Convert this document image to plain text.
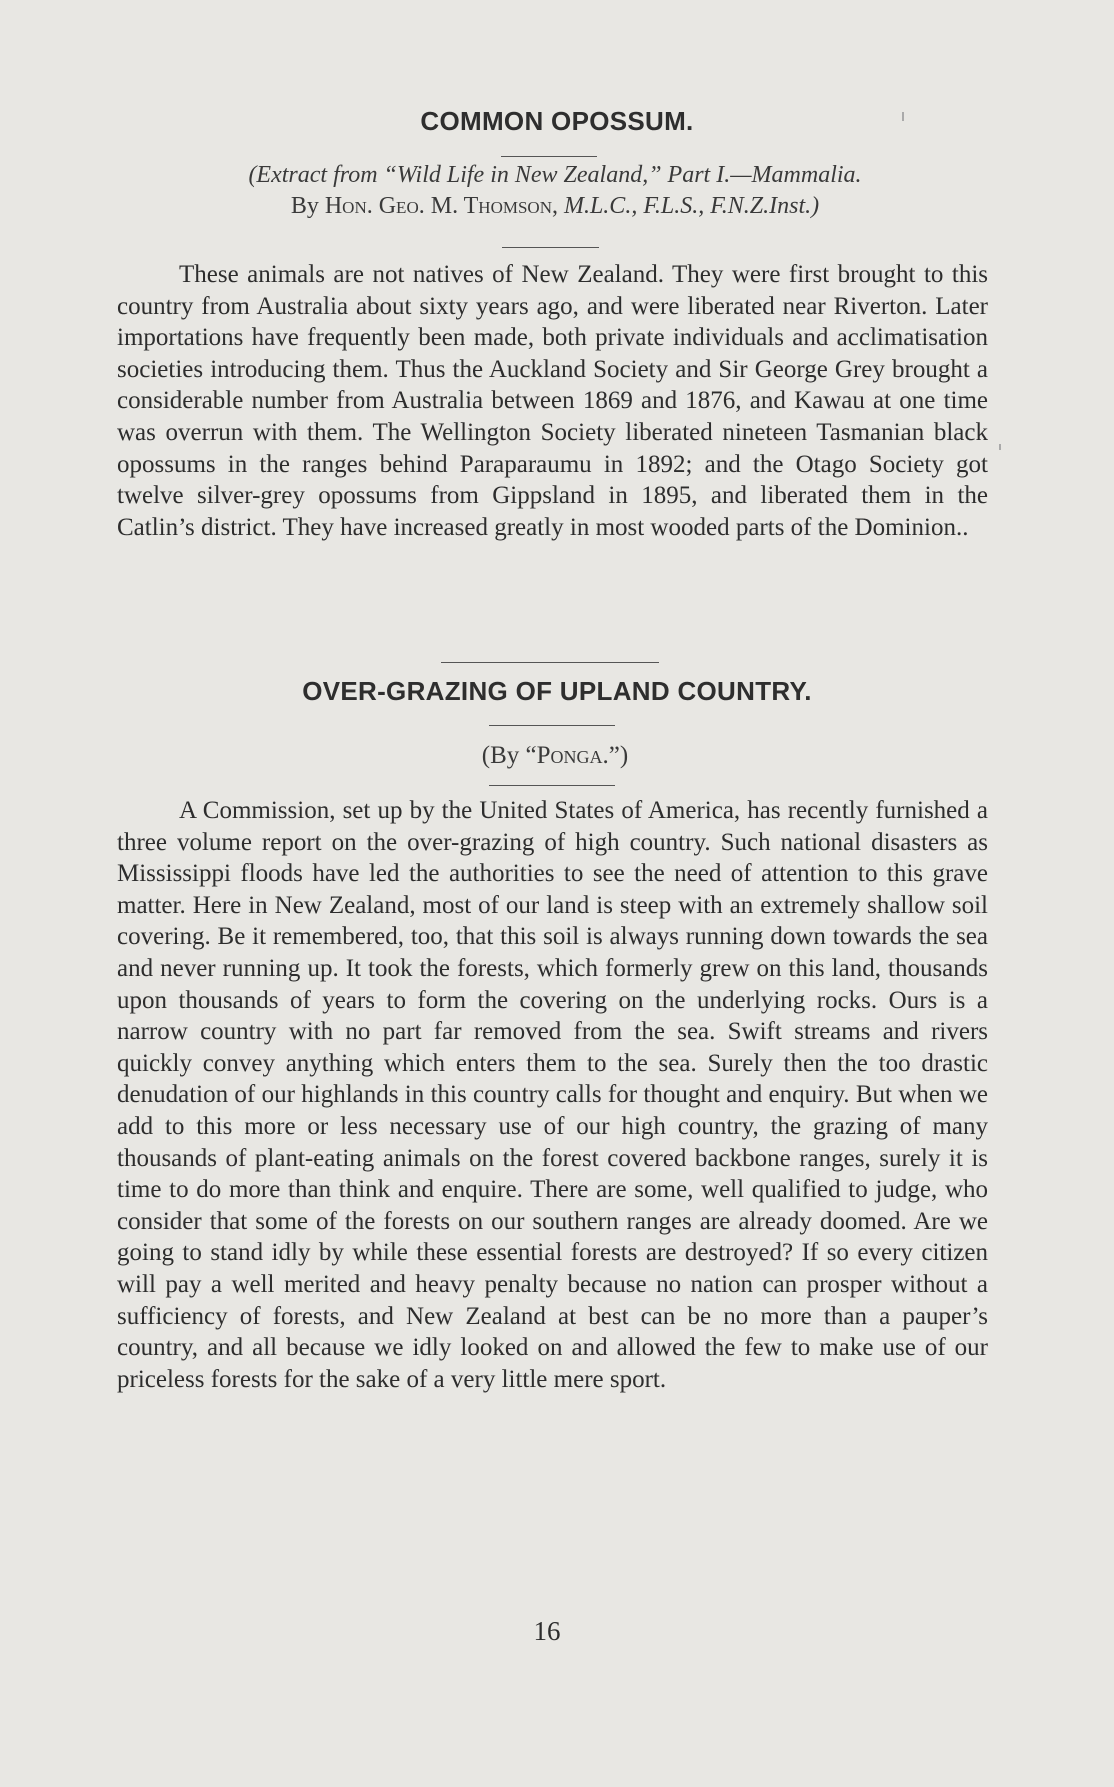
COMMON OPOSSUM.
(Extract from “Wild Life in New Zealand,” Part I.—Mammalia.
By Hon. Geo. M. Thomson, M.L.C., F.L.S., F.N.Z.Inst.)

These animals are not natives of New Zealand. They were first brought to this country from Australia about sixty years ago, and were liberated near Riverton. Later importations have frequently been made, both private individuals and acclimatisation societies introducing them. Thus the Auckland Society and Sir George Grey brought a considerable number from Australia between 1869 and 1876, and Kawau at one time was overrun with them. The Wellington Society liberated nineteen Tasmanian black opossums in the ranges behind Paraparaumu in 1892; and the Otago Society got twelve silver-grey opossums from Gippsland in 1895, and liberated them in the Catlin’s district. They have increased greatly in most wooded parts of the Dominion..

OVER-GRAZING OF UPLAND COUNTRY.
(By “Ponga.”)

A Commission, set up by the United States of America, has recently furnished a three volume report on the over-grazing of high country. Such national disasters as Mississippi floods have led the authorities to see the need of attention to this grave matter. Here in New Zealand, most of our land is steep with an extremely shallow soil covering. Be it remembered, too, that this soil is always running down towards the sea and never running up. It took the forests, which formerly grew on this land, thousands upon thousands of years to form the covering on the underlying rocks. Ours is a narrow country with no part far removed from the sea. Swift streams and rivers quickly convey anything which enters them to the sea. Surely then the too drastic denudation of our highlands in this country calls for thought and enquiry. But when we add to this more or less necessary use of our high country, the grazing of many thousands of plant-eating animals on the forest covered backbone ranges, surely it is time to do more than think and enquire. There are some, well qualified to judge, who consider that some of the forests on our southern ranges are already doomed. Are we going to stand idly by while these essential forests are destroyed? If so every citizen will pay a well merited and heavy penalty because no nation can prosper without a sufficiency of forests, and New Zealand at best can be no more than a pauper’s country, and all because we idly looked on and allowed the few to make use of our priceless forests for the sake of a very little mere sport.

16
